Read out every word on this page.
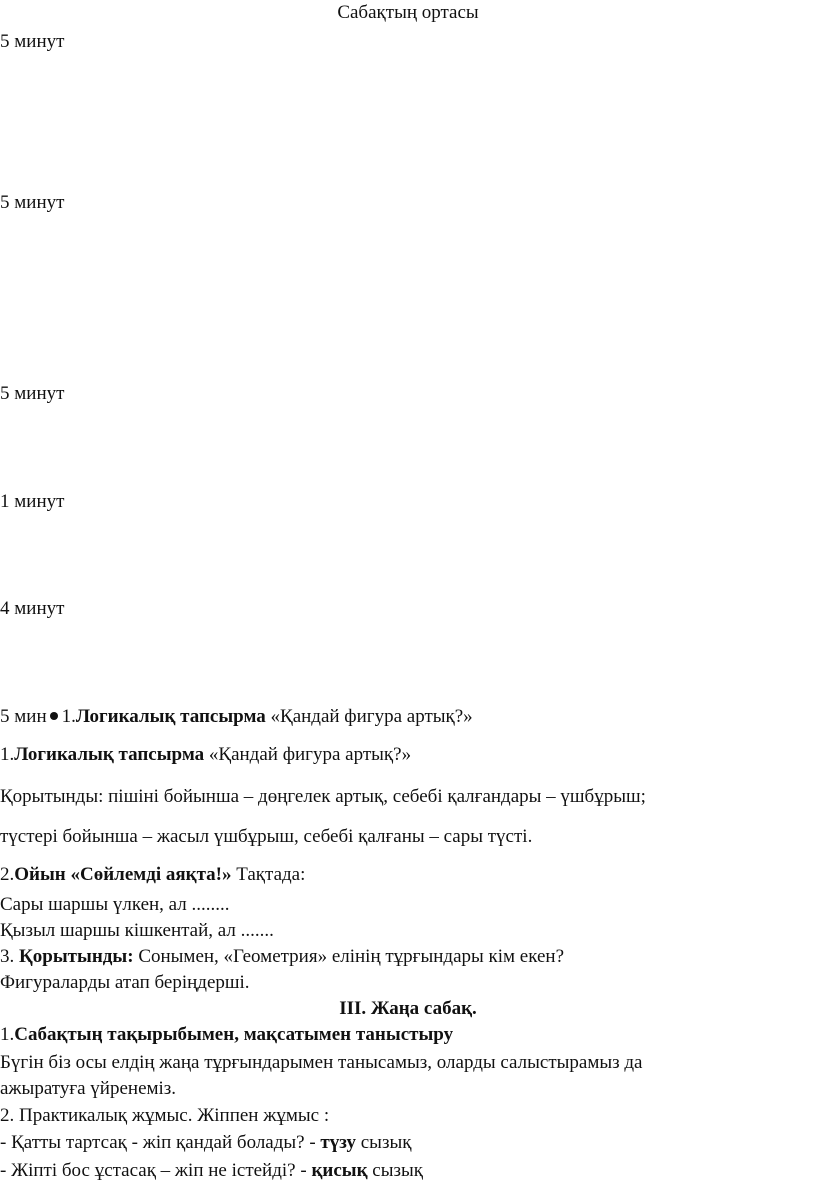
Сабақтың ортасы
5 минут
5 минут
5 минут
1 минут
4 минут
5 мин 1.Логикалық тапсырма «Қандай фигура артық?»
1.Логикалық тапсырма «Қандай фигура артық?»
Қорытынды: пішіні бойынша – дөңгелек артық, себебі қалғандары – үшбұрыш;
түстері бойынша – жасыл үшбұрыш, себебі қалғаны – сары түсті.
2.Ойын «Сөйлемді аяқта!» Тақтада:
Сары шаршы үлкен, ал ........
Қызыл шаршы кішкентай, ал .......
3. Қорытынды: Сонымен, «Геометрия» елінің тұрғындары кім екен?
Фигураларды атап беріңдерші.
III. Жаңа сабақ.
1.Сабақтың тақырыбымен, мақсатымен таныстыру
Бүгін біз осы елдің жаңа тұрғындарымен танысамыз, оларды салыстырамыз да
ажыратуға үйренеміз.
2. Практикалық жұмыс. Жіппен жұмыс :
- Қатты тартсақ - жіп қандай болады? - түзу сызық
- Жіпті бос ұстасақ – жіп не істейді? - қисық сызық
